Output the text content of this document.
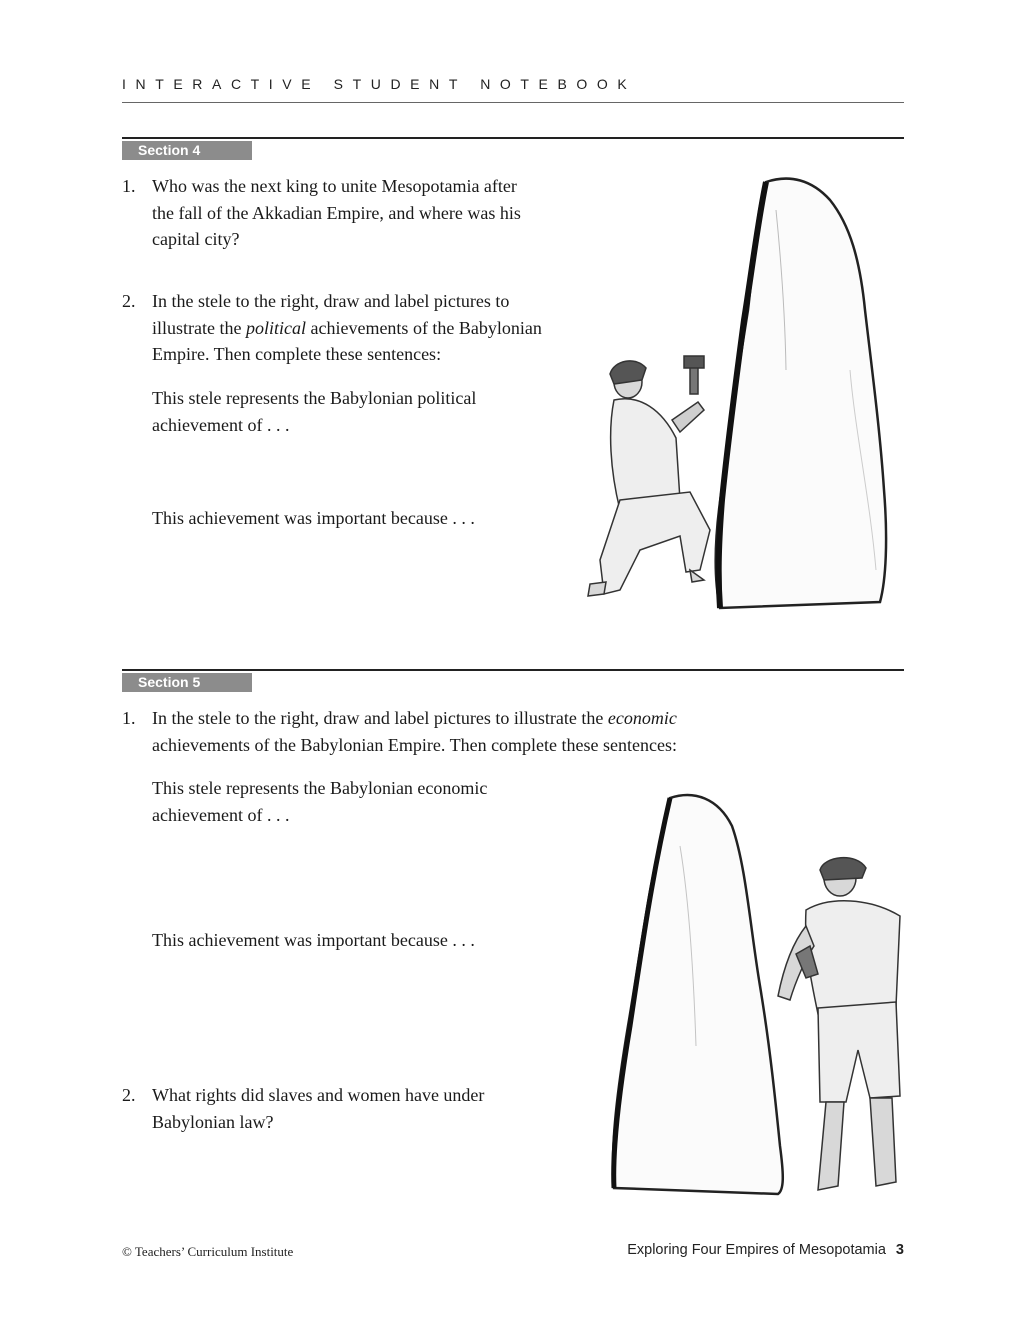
INTERACTIVE STUDENT NOTEBOOK
Section 4
1. Who was the next king to unite Mesopotamia after
the fall of the Akkadian Empire, and where was his
capital city?
2. In the stele to the right, draw and label pictures to
illustrate the political achievements of the Babylonian
Empire. Then complete these sentences:
This stele represents the Babylonian political
achievement of . . .
This achievement was important because . . .
Section 5
1. In the stele to the right, draw and label pictures to illustrate the economic
achievements of the Babylonian Empire. Then complete these sentences:
This stele represents the Babylonian economic
achievement of . . .
This achievement was important because . . .
2. What rights did slaves and women have under
Babylonian law?
© Teachers’ Curriculum Institute	Exploring Four Empires of Mesopotamia 3
